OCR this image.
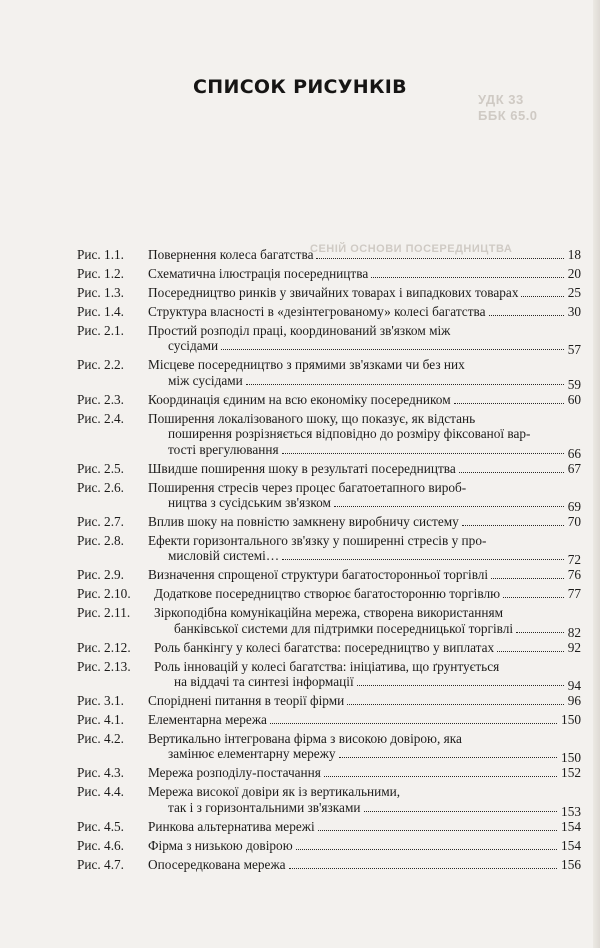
УДК 33
ББК 65.0
СЕНІЙ ОСНОВИ ПОСЕРЕДНИЦТВА
СПИСОК РИСУНКІВ
Рис. 1.1. Повернення колеса багатства	18
Рис. 1.2. Схематична ілюстрація посередництва	20
Рис. 1.3. Посередництво ринків у звичайних товарах і випадкових товарах	25
Рис. 1.4. Структура власності в «дезінтегрованому» колесі багатства	30
Рис. 2.1. Простий розподіл праці, координований зв'язком між
сусідами	57
Рис. 2.2. Місцеве посередництво з прямими зв'язками чи без них
між сусідами	59
Рис. 2.3. Координація єдиним на всю економіку посередником	60
Рис. 2.4. Поширення локалізованого шоку, що показує, як відстань
поширення розрізняється відповідно до розміру фіксованої вар-
тості врегулювання	66
Рис. 2.5. Швидше поширення шоку в результаті посередництва	67
Рис. 2.6. Поширення стресів через процес багатоетапного вироб-
ництва з сусідським зв'язком	69
Рис. 2.7. Вплив шоку на повністю замкнену виробничу систему	70
Рис. 2.8. Ефекти горизонтального зв'язку у поширенні стресів у про-
мисловій системі…	72
Рис. 2.9. Визначення спрощеної структури багатосторонньої торгівлі	76
Рис. 2.10. Додаткове посередництво створює багатосторонню торгівлю	77
Рис. 2.11. Зіркоподібна комунікаційна мережа, створена використанням
банківської системи для підтримки посередницької торгівлі	82
Рис. 2.12. Роль банкінгу у колесі багатства: посередництво у виплатах	92
Рис. 2.13. Роль інновацій у колесі багатства: ініціатива, що ґрунтується
на віддачі та синтезі інформації	94
Рис. 3.1. Споріднені питання в теорії фірми	96
Рис. 4.1. Елементарна мережа	150
Рис. 4.2. Вертикально інтегрована фірма з високою довірою, яка
замінює елементарну мережу	150
Рис. 4.3. Мережа розподілу-постачання	152
Рис. 4.4. Мережа високої довіри як із вертикальними,
так і з горизонтальними зв'язками	153
Рис. 4.5. Ринкова альтернатива мережі	154
Рис. 4.6. Фірма з низькою довірою	154
Рис. 4.7. Опосередкована мережа	156
